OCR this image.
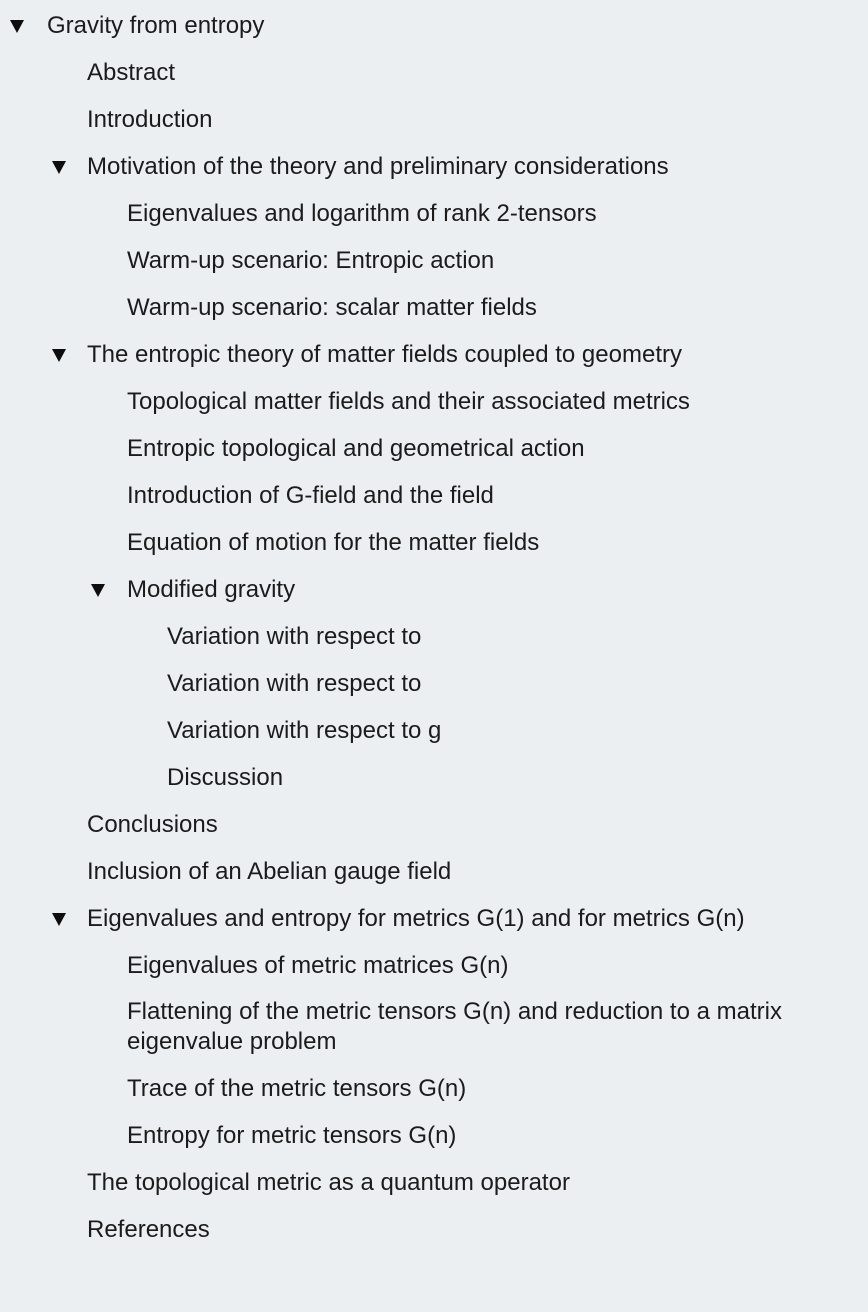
Gravity from entropy
Abstract
Introduction
Motivation of the theory and preliminary considerations
Eigenvalues and logarithm of rank 2-tensors
Warm-up scenario: Entropic action
Warm-up scenario: scalar matter fields
The entropic theory of matter fields coupled to geometry
Topological matter fields and their associated metrics
Entropic topological and geometrical action
Introduction of G-field and the field
Equation of motion for the matter fields
Modified gravity
Variation with respect to
Variation with respect to
Variation with respect to g
Discussion
Conclusions
Inclusion of an Abelian gauge field
Eigenvalues and entropy for metrics G(1) and for metrics G(n)
Eigenvalues of metric matrices G(n)
Flattening of the metric tensors G(n) and reduction to a matrix eigenvalue problem
Trace of the metric tensors G(n)
Entropy for metric tensors G(n)
The topological metric as a quantum operator
References
